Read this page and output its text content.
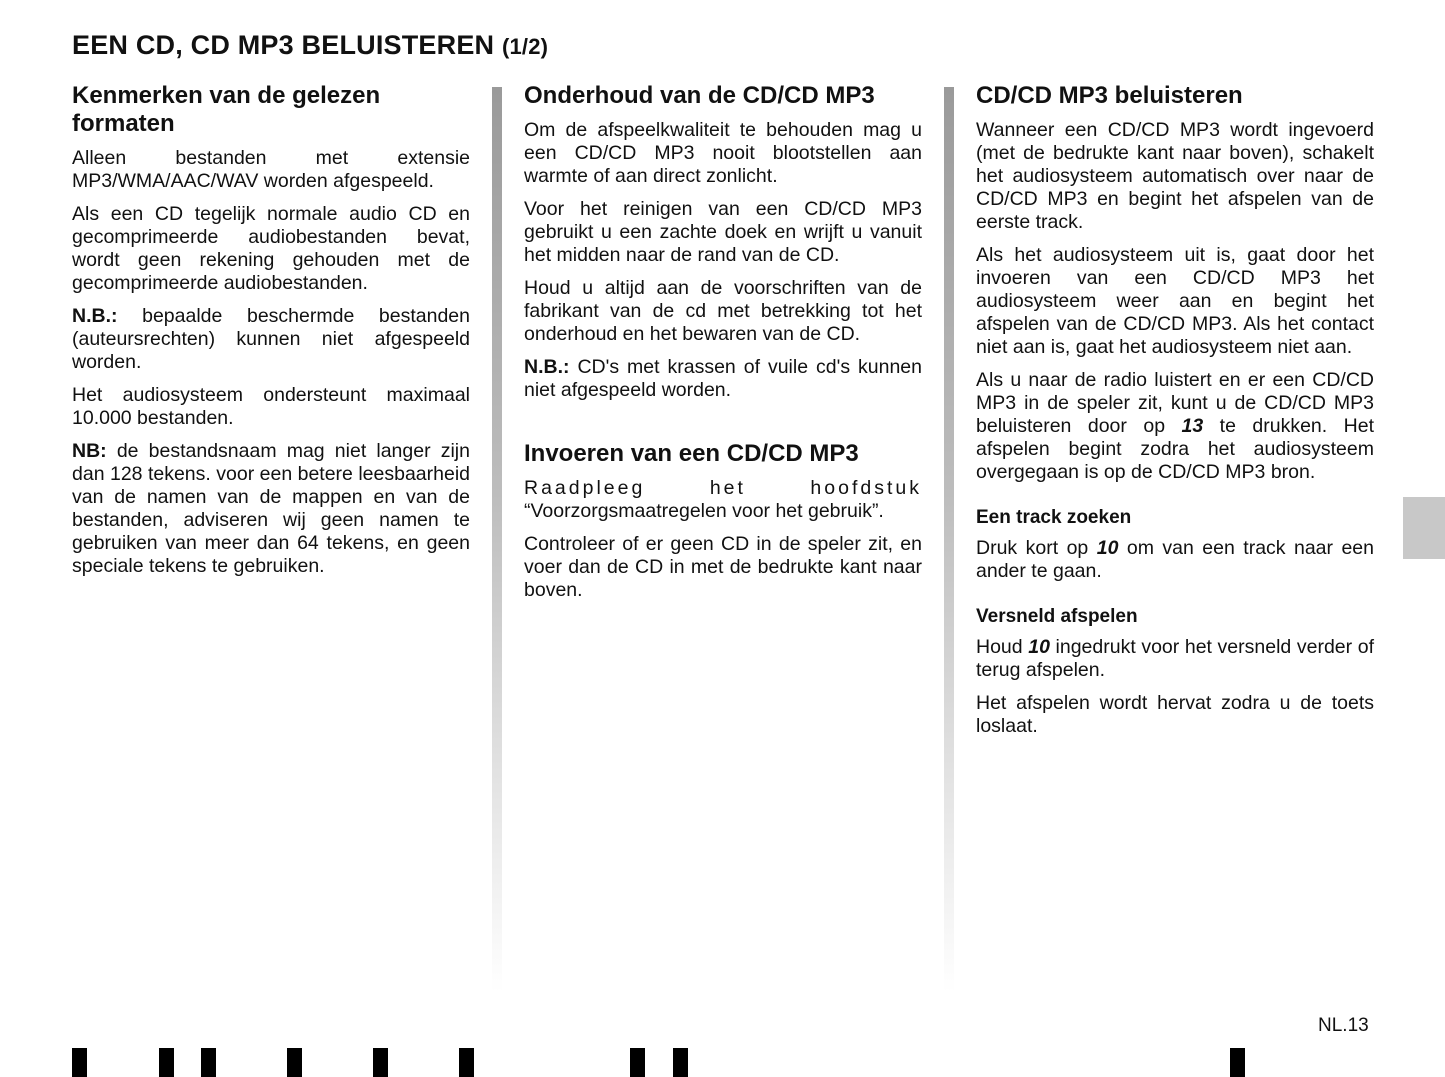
EEN CD, CD MP3 BELUISTEREN (1/2)
Kenmerken van de gelezen formaten

Alleen bestanden met extensie MP3/WMA/AAC/WAV worden afgespeeld.

Als een CD tegelijk normale audio CD en gecomprimeerde audiobestanden bevat, wordt geen rekening gehouden met de gecomprimeerde audiobestanden.

N.B.: bepaalde beschermde bestanden (auteursrechten) kunnen niet afgespeeld worden.

Het audiosysteem ondersteunt maximaal 10.000 bestanden.

NB: de bestandsnaam mag niet langer zijn dan 128 tekens. voor een betere leesbaarheid van de namen van de mappen en van de bestanden, adviseren wij geen namen te gebruiken van meer dan 64 tekens, en geen speciale tekens te gebruiken.

Onderhoud van de CD/CD MP3

Om de afspeelkwaliteit te behouden mag u een CD/CD MP3 nooit blootstellen aan warmte of aan direct zonlicht.

Voor het reinigen van een CD/CD MP3 gebruikt u een zachte doek en wrijft u vanuit het midden naar de rand van de CD.

Houd u altijd aan de voorschriften van de fabrikant van de cd met betrekking tot het onderhoud en het bewaren van de CD.

N.B.: CD's met krassen of vuile cd's kunnen niet afgespeeld worden.

Invoeren van een CD/CD MP3

Raadpleeg het hoofdstuk

“Voorzorgsmaatregelen voor het gebruik”.

Controleer of er geen CD in de speler zit, en voer dan de CD in met de bedrukte kant naar boven.

CD/CD MP3 beluisteren

Wanneer een CD/CD MP3 wordt ingevoerd (met de bedrukte kant naar boven), schakelt het audiosysteem automatisch over naar de CD/CD MP3 en begint het afspelen van de eerste track.

Als het audiosysteem uit is, gaat door het invoeren van een CD/CD MP3 het audiosysteem weer aan en begint het afspelen van de CD/CD MP3. Als het contact niet aan is, gaat het audiosysteem niet aan.

Als u naar de radio luistert en er een CD/CD MP3 in de speler zit, kunt u de CD/CD MP3 beluisteren door op 13 te drukken. Het afspelen begint zodra het audiosysteem overgegaan is op de CD/CD MP3 bron.

Een track zoeken

Druk kort op 10 om van een track naar een ander te gaan.

Versneld afspelen

Houd 10 ingedrukt voor het versneld verder of terug afspelen.

Het afspelen wordt hervat zodra u de toets loslaat.

NL.13
